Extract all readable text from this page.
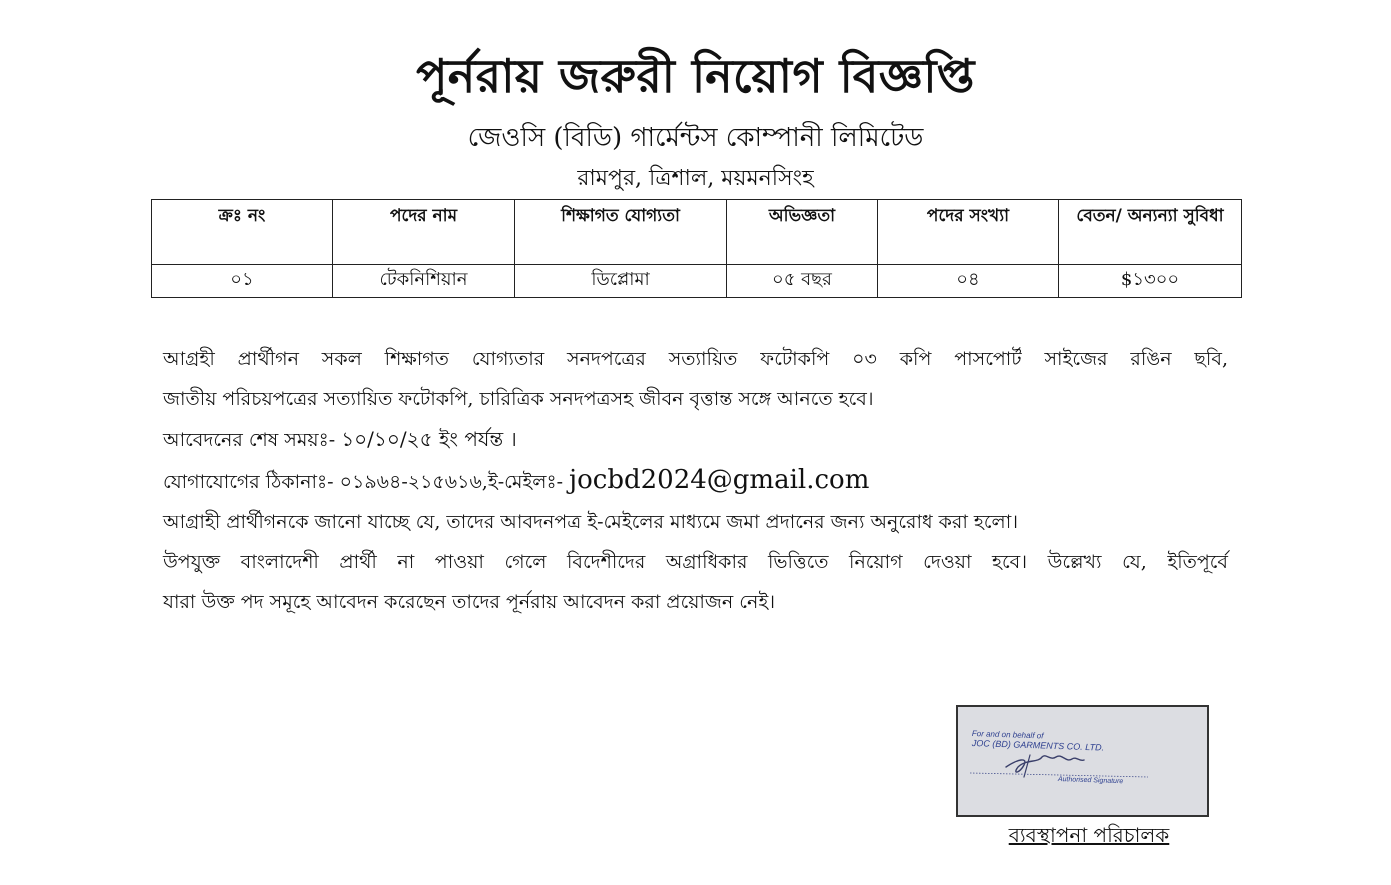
পূর্নরায় জরুরী নিয়োগ বিজ্ঞপ্তি
জেওসি (বিডি) গার্মেন্টস কোম্পানী লিমিটেড
রামপুর, ত্রিশাল, ময়মনসিংহ
ক্রঃ নং	পদের নাম	শিক্ষাগত যোগ্যতা	অভিজ্ঞতা	পদের সংখ্যা	বেতন/ অন্যন্যা সুবিধা
০১	টেকনিশিয়ান	ডিপ্লোমা	০৫ বছর	০৪	$১৩০০

আগ্রহী প্রার্থীগন সকল শিক্ষাগত যোগ্যতার সনদপত্রের সত্যায়িত ফটোকপি ০৩ কপি পাসপোর্ট সাইজের রঙিন ছবি,

জাতীয় পরিচয়পত্রের সত্যায়িত ফটোকপি, চারিত্রিক সনদপত্রসহ জীবন বৃত্তান্ত সঙ্গে আনতে হবে।

আবেদনের শেষ সময়ঃ- ১০/১০/২৫ ইং পর্যন্ত ।

যোগাযোগের ঠিকানাঃ- ০১৯৬৪-২১৫৬১৬,ই-মেইলঃ- jocbd2024@gmail.com

আগ্রাহী প্রার্থীগনকে জানো যাচ্ছে যে, তাদের আবদনপত্র ই-মেইলের মাধ্যমে জমা প্রদানের জন্য অনুরোধ করা হলো।

উপযুক্ত বাংলাদেশী প্রার্থী না পাওয়া গেলে বিদেশীদের অগ্রাধিকার ভিত্তিতে নিয়োগ দেওয়া হবে। উল্লেখ্য যে, ইতিপূর্বে

যারা উক্ত পদ সমূহে আবেদন করেছেন তাদের পূর্নরায় আবেদন করা প্রয়োজন নেই।

For and on behalf of
JOC (BD) GARMENTS CO. LTD.
Authorised Signature
ব্যবস্থাপনা পরিচালক
